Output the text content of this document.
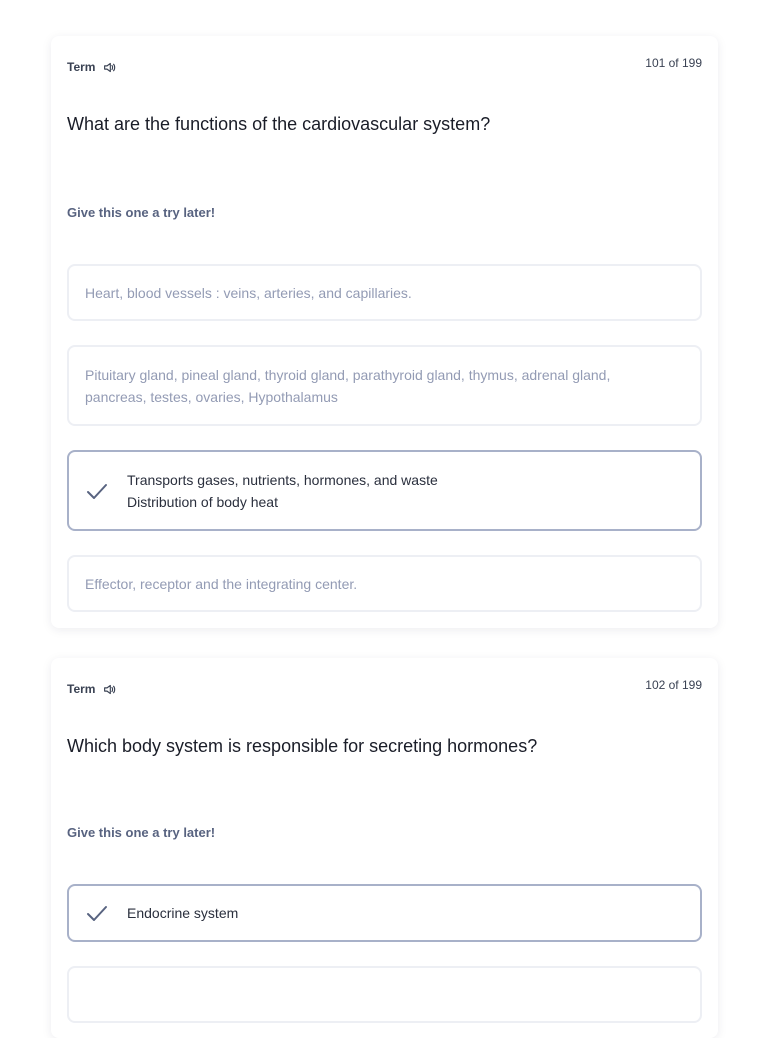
Term	101 of 199
What are the functions of the cardiovascular system?
Give this one a try later!
Heart, blood vessels : veins, arteries, and capillaries.
Pituitary gland, pineal gland, thyroid gland, parathyroid gland, thymus, adrenal gland,
pancreas, testes, ovaries, Hypothalamus
Transports gases, nutrients, hormones, and waste
Distribution of body heat
Effector, receptor and the integrating center.
Term	102 of 199
Which body system is responsible for secreting hormones?
Give this one a try later!
Endocrine system
